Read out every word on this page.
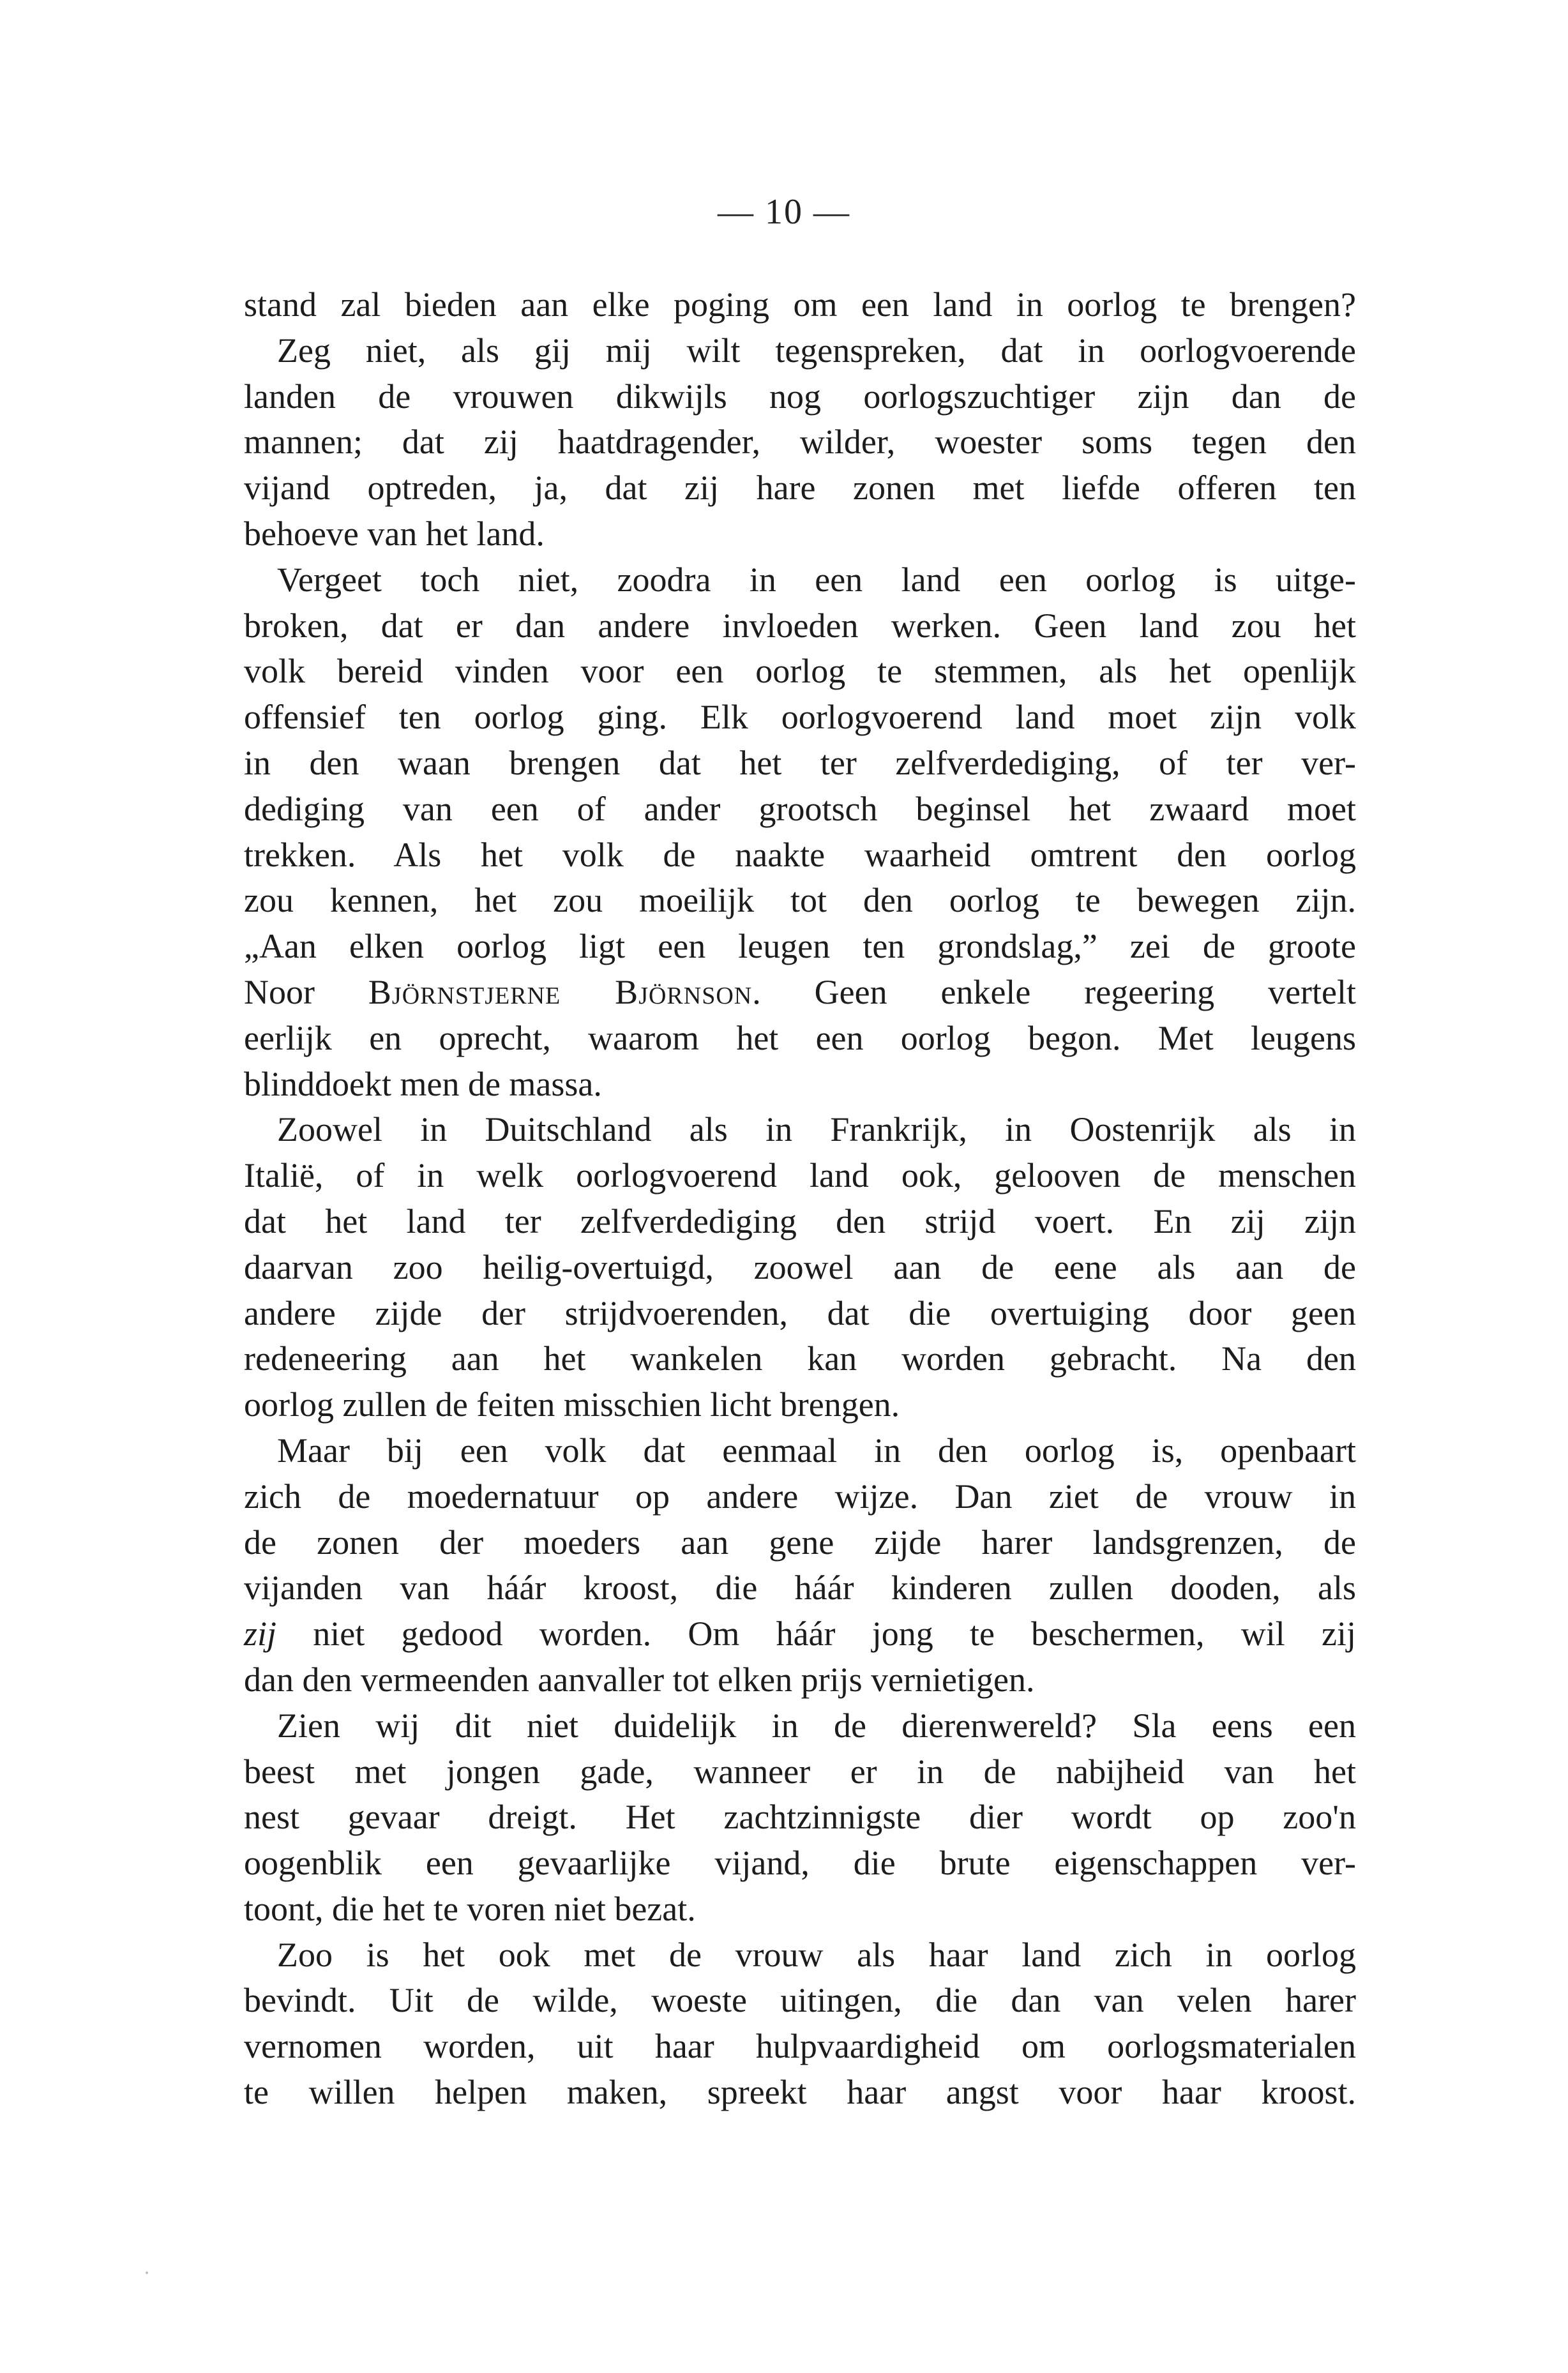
— 10 —

stand zal bieden aan elke poging om een land in oorlog te brengen?

Zeg niet, als gij mij wilt tegenspreken, dat in oorlogvoerende

landen de vrouwen dikwijls nog oorlogszuchtiger zijn dan de

mannen; dat zij haatdragender, wilder, woester soms tegen den

vijand optreden, ja, dat zij hare zonen met liefde offeren ten

behoeve van het land.

Vergeet toch niet, zoodra in een land een oorlog is uitge-

broken, dat er dan andere invloeden werken. Geen land zou het

volk bereid vinden voor een oorlog te stemmen, als het openlijk

offensief ten oorlog ging. Elk oorlogvoerend land moet zijn volk

in den waan brengen dat het ter zelfverdediging, of ter ver-

dediging van een of ander grootsch beginsel het zwaard moet

trekken. Als het volk de naakte waarheid omtrent den oorlog

zou kennen, het zou moeilijk tot den oorlog te bewegen zijn.

„Aan elken oorlog ligt een leugen ten grondslag,” zei de groote

Noor Björnstjerne Björnson. Geen enkele regeering vertelt

eerlijk en oprecht, waarom het een oorlog begon. Met leugens

blinddoekt men de massa.

Zoowel in Duitschland als in Frankrijk, in Oostenrijk als in

Italië, of in welk oorlogvoerend land ook, gelooven de menschen

dat het land ter zelfverdediging den strijd voert. En zij zijn

daarvan zoo heilig-overtuigd, zoowel aan de eene als aan de

andere zijde der strijdvoerenden, dat die overtuiging door geen

redeneering aan het wankelen kan worden gebracht. Na den

oorlog zullen de feiten misschien licht brengen.

Maar bij een volk dat eenmaal in den oorlog is, openbaart

zich de moedernatuur op andere wijze. Dan ziet de vrouw in

de zonen der moeders aan gene zijde harer landsgrenzen, de

vijanden van háár kroost, die háár kinderen zullen dooden, als

zij niet gedood worden. Om háár jong te beschermen, wil zij

dan den vermeenden aanvaller tot elken prijs vernietigen.

Zien wij dit niet duidelijk in de dierenwereld? Sla eens een

beest met jongen gade, wanneer er in de nabijheid van het

nest gevaar dreigt. Het zachtzinnigste dier wordt op zoo'n

oogenblik een gevaarlijke vijand, die brute eigenschappen ver-

toont, die het te voren niet bezat.

Zoo is het ook met de vrouw als haar land zich in oorlog

bevindt. Uit de wilde, woeste uitingen, die dan van velen harer

vernomen worden, uit haar hulpvaardigheid om oorlogsmaterialen

te willen helpen maken, spreekt haar angst voor haar kroost.
